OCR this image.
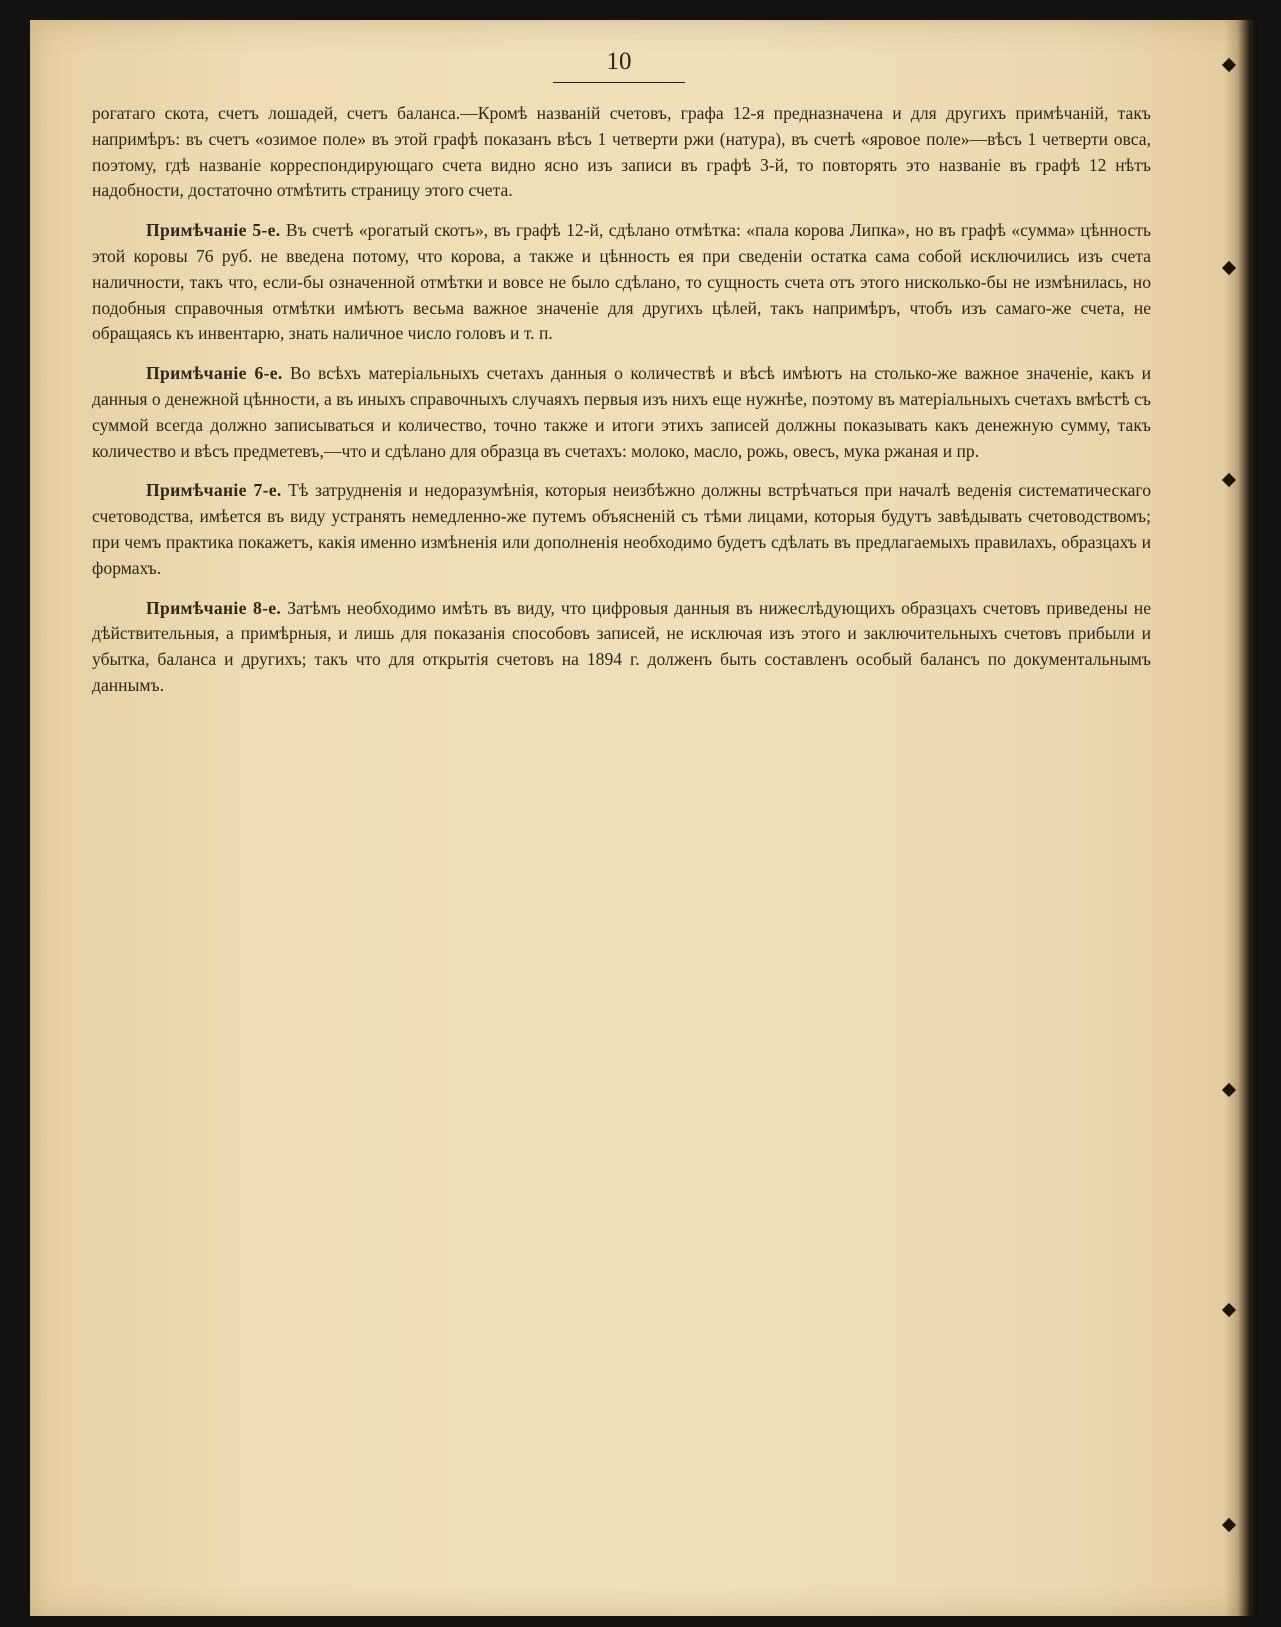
10

рогатаго скота, счетъ лошадей, счетъ баланса.—Кромѣ названій счетовъ, графа 12-я предназначена и для другихъ примѣчаній, такъ напримѣръ: въ счетъ «озимое поле» въ этой графѣ показанъ вѣсъ 1 четверти ржи (натура), въ счетѣ «яровое поле»—вѣсъ 1 четверти овса, поэтому, гдѣ названіе корреспондирующаго счета видно ясно изъ записи въ графѣ 3-й, то повторять это названіе въ графѣ 12 нѣтъ надобности, достаточно отмѣтить страницу этого счета.

Примѣчаніе 5-е. Въ счетѣ «рогатый скотъ», въ графѣ 12-й, сдѣлано отмѣтка: «пала корова Липка», но въ графѣ «сумма» цѣнность этой коровы 76 руб. не введена потому, что корова, а также и цѣнность ея при сведеніи остатка сама собой исключились изъ счета наличности, такъ что, если-бы означенной отмѣтки и вовсе не было сдѣлано, то сущность счета отъ этого нисколько-бы не измѣнилась, но подобныя справочныя отмѣтки имѣютъ весьма важное значеніе для другихъ цѣлей, такъ напримѣръ, чтобъ изъ самаго-же счета, не обращаясь къ инвентарю, знать наличное число головъ и т. п.

Примѣчаніе 6-е. Во всѣхъ матеріальныхъ счетахъ данныя о количествѣ и вѣсѣ имѣютъ на столько-же важное значеніе, какъ и данныя о денежной цѣнности, а въ иныхъ справочныхъ случаяхъ первыя изъ нихъ еще нужнѣе, поэтому въ матеріальныхъ счетахъ вмѣстѣ съ суммой всегда должно записываться и количество, точно также и итоги этихъ записей должны показывать какъ денежную сумму, такъ количество и вѣсъ предметевъ,—что и сдѣлано для образца въ счетахъ: молоко, масло, рожь, овесъ, мука ржаная и пр.

Примѣчаніе 7-е. Тѣ затрудненія и недоразумѣнія, которыя неизбѣжно должны встрѣчаться при началѣ веденія систематическаго счетоводства, имѣется въ виду устранять немедленно-же путемъ объясненій съ тѣми лицами, которыя будутъ завѣдывать счетоводствомъ; при чемъ практика покажетъ, какія именно измѣненія или дополненія необходимо будетъ сдѣлать въ предлагаемыхъ правилахъ, образцахъ и формахъ.

Примѣчаніе 8-е. Затѣмъ необходимо имѣть въ виду, что цифровыя данныя въ нижеслѣдующихъ образцахъ счетовъ приведены не дѣйствительныя, а примѣрныя, и лишь для показанія способовъ записей, не исключая изъ этого и заключительныхъ счетовъ прибыли и убытка, баланса и другихъ; такъ что для открытія счетовъ на 1894 г. долженъ быть составленъ особый балансъ по документальнымъ даннымъ.
